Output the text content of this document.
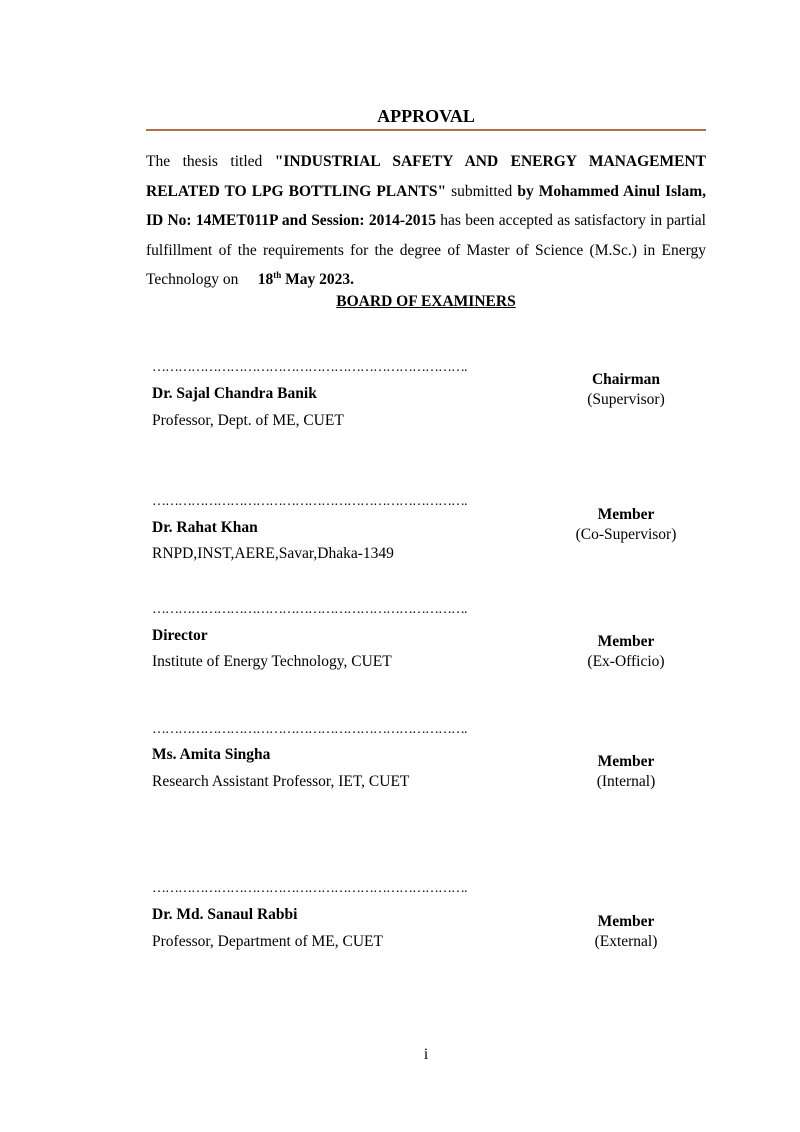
APPROVAL
The thesis titled "INDUSTRIAL SAFETY AND ENERGY MANAGEMENT RELATED TO LPG BOTTLING PLANTS" submitted by Mohammed Ainul Islam, ID No: 14MET011P and Session: 2014-2015 has been accepted as satisfactory in partial fulfillment of the requirements for the degree of Master of Science (M.Sc.) in Energy Technology on     18th May 2023.
BOARD OF EXAMINERS
……………………………………………………………….
Dr. Sajal Chandra Banik
Professor, Dept. of ME, CUET
Chairman
(Supervisor)
……………………………………………………………….
Dr. Rahat Khan
RNPD,INST,AERE,Savar,Dhaka-1349
Member
(Co-Supervisor)
……………………………………………………………….
Director
Institute of Energy Technology, CUET
Member
(Ex-Officio)
……………………………………………………………….
Ms. Amita Singha
Research Assistant Professor, IET, CUET
Member
(Internal)
……………………………………………………………….
Dr. Md. Sanaul Rabbi
Professor, Department of ME, CUET
Member
(External)
i
